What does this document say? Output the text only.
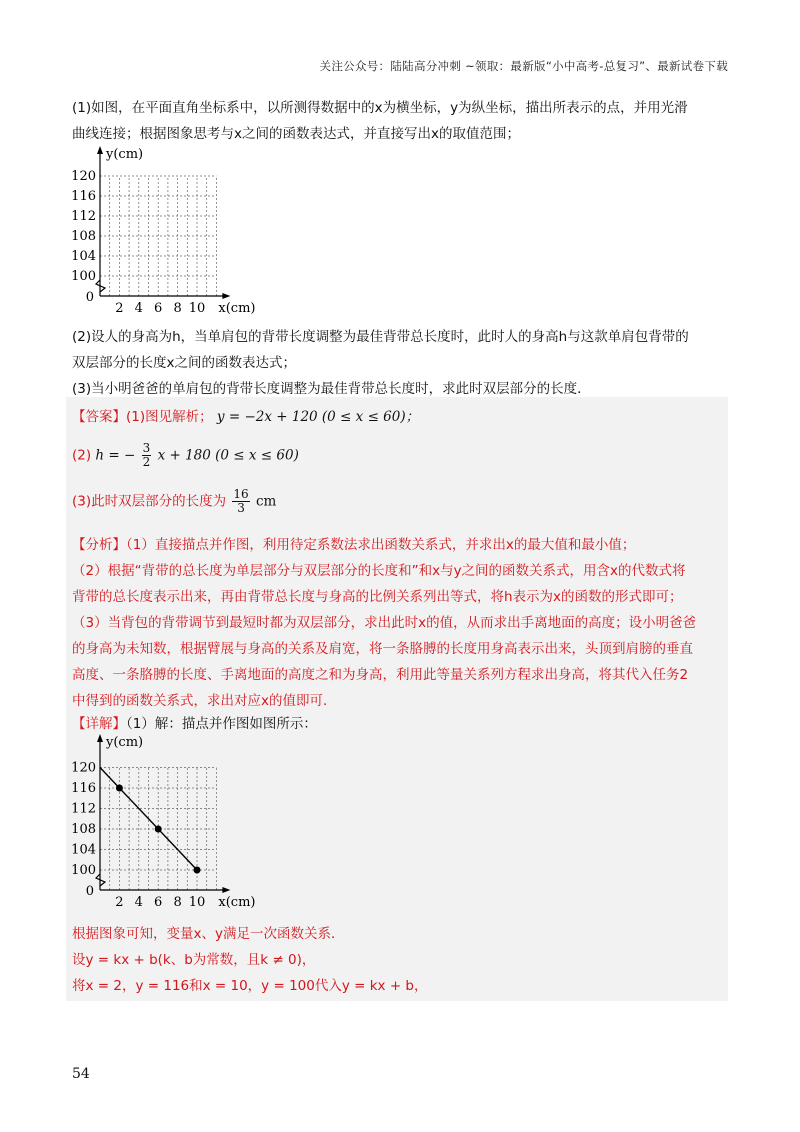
关注公众号：陆陆高分冲刺 ~领取：最新版“小中高考-总复习”、最新试卷下载
(1)如图，在平面直角坐标系中，以所测得数据中的x为横坐标，y为纵坐标，描出所表示的点，并用光滑
曲线连接；根据图象思考与x之间的函数表达式，并直接写出x的取值范围；
100
104
108
112
116
120
0
2 4 6 8 10 x(cm)
y(cm)
(2)设人的身高为h，当单肩包的背带长度调整为最佳背带总长度时，此时人的身高h与这款单肩包背带的
双层部分的长度x之间的函数表达式；
(3)当小明爸爸的单肩包的背带长度调整为最佳背带总长度时，求此时双层部分的长度．
【答案】(1)图见解析； y = −2x + 120 (0 ≤ x ≤ 60)；
(2) h = − $\frac{3}{2}$ x + 180 (0 ≤ x ≤ 60)
(3)此时双层部分的长度为 $\frac{16}{3}$ cm
【分析】（1）直接描点并作图，利用待定系数法求出函数关系式，并求出x的最大值和最小值；
（2）根据“背带的总长度为单层部分与双层部分的长度和”和x与y之间的函数关系式，用含x的代数式将
背带的总长度表示出来，再由背带总长度与身高的比例关系列出等式，将h表示为x的函数的形式即可；
（3）当背包的背带调节到最短时都为双层部分，求出此时x的值，从而求出手离地面的高度；设小明爸爸
的身高为未知数，根据臂展与身高的关系及肩宽，将一条胳膊的长度用身高表示出来，头顶到肩膀的垂直
高度、一条胳膊的长度、手离地面的高度之和为身高，利用此等量关系列方程求出身高，将其代入任务2
中得到的函数关系式，求出对应x的值即可．
【详解】（1）解：描点并作图如图所示：
100
104
108
112
116
120
0
2 4 6 8 10 x(cm)
y(cm)
根据图象可知，变量x、y满足一次函数关系．
设y = kx + b(k、b为常数，且k ≠ 0)，
将x = 2，y = 116和x = 10，y = 100代入y = kx + b，
54
